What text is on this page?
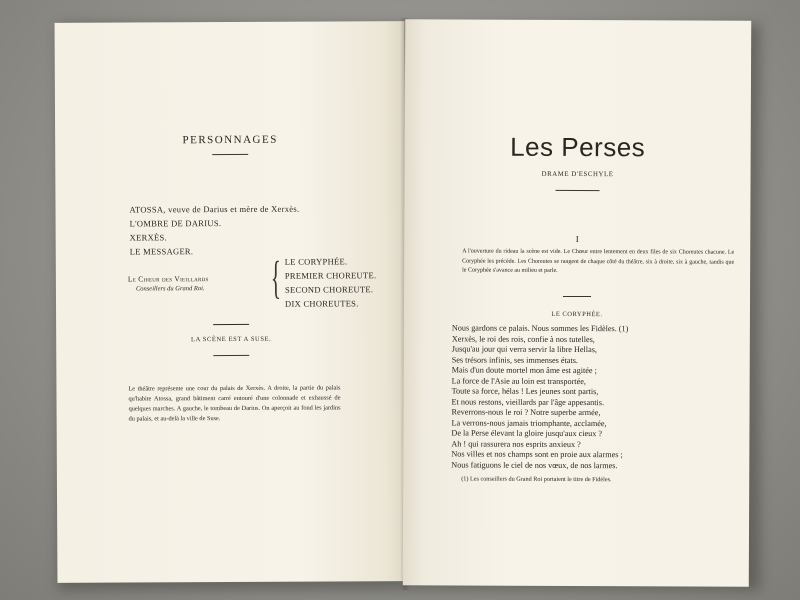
PERSONNAGES
ATOSSA, veuve de Darius et mère de Xerxès.
L'OMBRE DE DARIUS.
XERXÈS.
LE MESSAGER.
Le Chœur des Vieillards
Conseillers du Grand Roi. { LE CORYPHÉE.
PREMIER CHOREUTE.
SECOND CHOREUTE.
DIX CHOREUTES.
LA SCÈNE EST A SUSE.
Le théâtre représente une cour du palais de Xerxès. A droite, la partie du palais qu'habite Atossa, grand bâtiment carré entouré d'une colonnade et exhaussé de quelques marches. A gauche, le tombeau de Darius. On aperçoit au fond les jardins du palais, et au-delà la ville de Suse.
Les Perses
DRAME D'ESCHYLE
I
A l'ouverture du rideau la scène est vide. Le Chœur entre lentement en deux files de six Choreutes chacune. Le Coryphée les précède. Les Choreutes se rangent de chaque côté du théâtre, six à droite, six à gauche, tandis que le Coryphée s'avance au milieu et parle.
LE CORYPHÉE.
Nous gardons ce palais. Nous sommes les Fidèles. (1)
Xerxès, le roi des rois, confie à nos tutelles,
Jusqu'au jour qui verra servir la libre Hellas,
Ses trésors infinis, ses immenses états.
Mais d'un doute mortel mon âme est agitée ;
La force de l'Asie au loin est transportée,
Toute sa force, hélas ! Les jeunes sont partis,
Et nous restons, vieillards par l'âge appesantis.
Reverrons-nous le roi ? Notre superbe armée,
La verrons-nous jamais triomphante, acclamée,
De la Perse élevant la gloire jusqu'aux cieux ?
Ah ! qui rassurera nos esprits anxieux ?
Nos villes et nos champs sont en proie aux alarmes ;
Nous fatiguons le ciel de nos vœux, de nos larmes.
(1) Les conseillers du Grand Roi portaient le titre de Fidèles.
